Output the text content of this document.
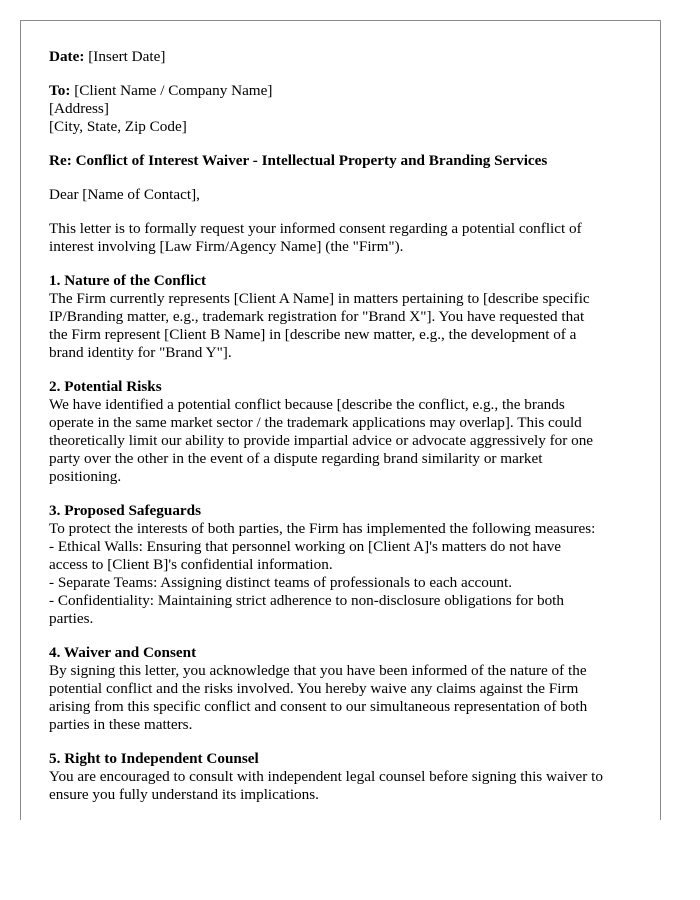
Date: [Insert Date]
To: [Client Name / Company Name]
[Address]
[City, State, Zip Code]
Re: Conflict of Interest Waiver - Intellectual Property and Branding Services
Dear [Name of Contact],
This letter is to formally request your informed consent regarding a potential conflict of
interest involving [Law Firm/Agency Name] (the "Firm").
1. Nature of the Conflict
The Firm currently represents [Client A Name] in matters pertaining to [describe specific
IP/Branding matter, e.g., trademark registration for "Brand X"]. You have requested that
the Firm represent [Client B Name] in [describe new matter, e.g., the development of a
brand identity for "Brand Y"].
2. Potential Risks
We have identified a potential conflict because [describe the conflict, e.g., the brands
operate in the same market sector / the trademark applications may overlap]. This could
theoretically limit our ability to provide impartial advice or advocate aggressively for one
party over the other in the event of a dispute regarding brand similarity or market
positioning.
3. Proposed Safeguards
To protect the interests of both parties, the Firm has implemented the following measures:
- Ethical Walls: Ensuring that personnel working on [Client A]'s matters do not have
access to [Client B]'s confidential information.
- Separate Teams: Assigning distinct teams of professionals to each account.
- Confidentiality: Maintaining strict adherence to non-disclosure obligations for both
parties.
4. Waiver and Consent
By signing this letter, you acknowledge that you have been informed of the nature of the
potential conflict and the risks involved. You hereby waive any claims against the Firm
arising from this specific conflict and consent to our simultaneous representation of both
parties in these matters.
5. Right to Independent Counsel
You are encouraged to consult with independent legal counsel before signing this waiver to
ensure you fully understand its implications.
